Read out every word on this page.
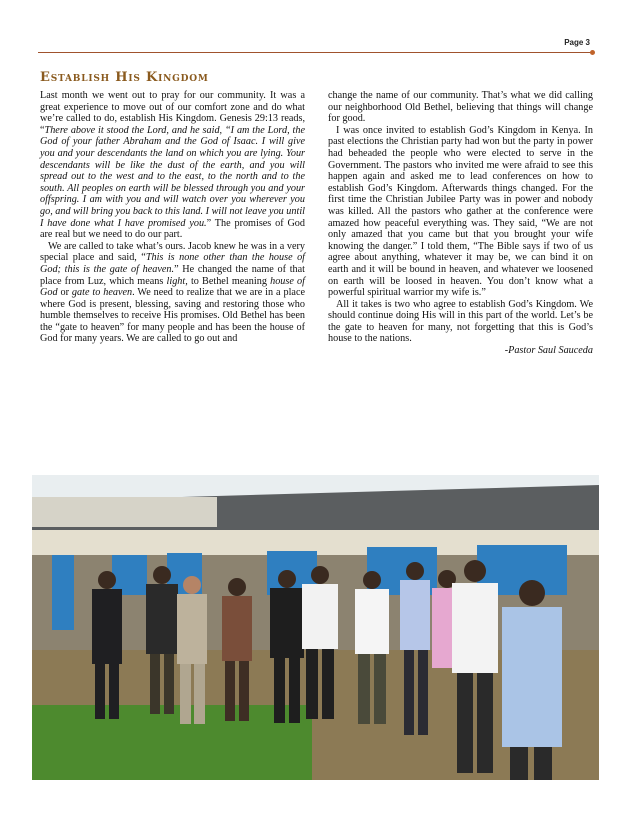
Page 3
Establish His Kingdom

Last month we went out to pray for our community. It was a great experience to move out of our comfort zone and do what we’re called to do, establish His Kingdom. Genesis 29:13 reads, “There above it stood the Lord, and he said, “I am the Lord, the God of your father Abraham and the God of Isaac. I will give you and your descendants the land on which you are lying. Your descendants will be like the dust of the earth, and you will spread out to the west and to the east, to the north and to the south. All peoples on earth will be blessed through you and your offspring. I am with you and will watch over you wherever you go, and will bring you back to this land. I will not leave you until I have done what I have promised you.” The promises of God are real but we need to do our part.

We are called to take what’s ours. Jacob knew he was in a very special place and said, “This is none other than the house of God; this is the gate of heaven.” He changed the name of that place from Luz, which means light, to Bethel meaning house of God or gate to heaven. We need to realize that we are in a place where God is present, blessing, saving and restoring those who humble themselves to receive His promises. Old Bethel has been the “gate to heaven” for many people and has been the house of God for many years. We are called to go out and

change the name of our community. That’s what we did calling our neighborhood Old Bethel, believing that things will change for good.

I was once invited to establish God’s Kingdom in Kenya. In past elections the Christian party had won but the party in power had beheaded the people who were elected to serve in the Government. The pastors who invited me were afraid to see this happen again and asked me to lead conferences on how to establish God’s Kingdom. Afterwards things changed. For the first time the Christian Jubilee Party was in power and nobody was killed. All the pastors who gather at the conference were amazed how peaceful everything was. They said, “We are not only amazed that you came but that you brought your wife knowing the danger.” I told them, “The Bible says if two of us agree about anything, whatever it may be, we can bind it on earth and it will be bound in heaven, and whatever we loosened on earth will be loosed in heaven. You don’t know what a powerful spiritual warrior my wife is.”

All it takes is two who agree to establish God’s Kingdom. We should continue doing His will in this part of the world. Let’s be the gate to heaven for many, not forgetting that this is God’s house to the nations.

-Pastor Saul Sauceda
